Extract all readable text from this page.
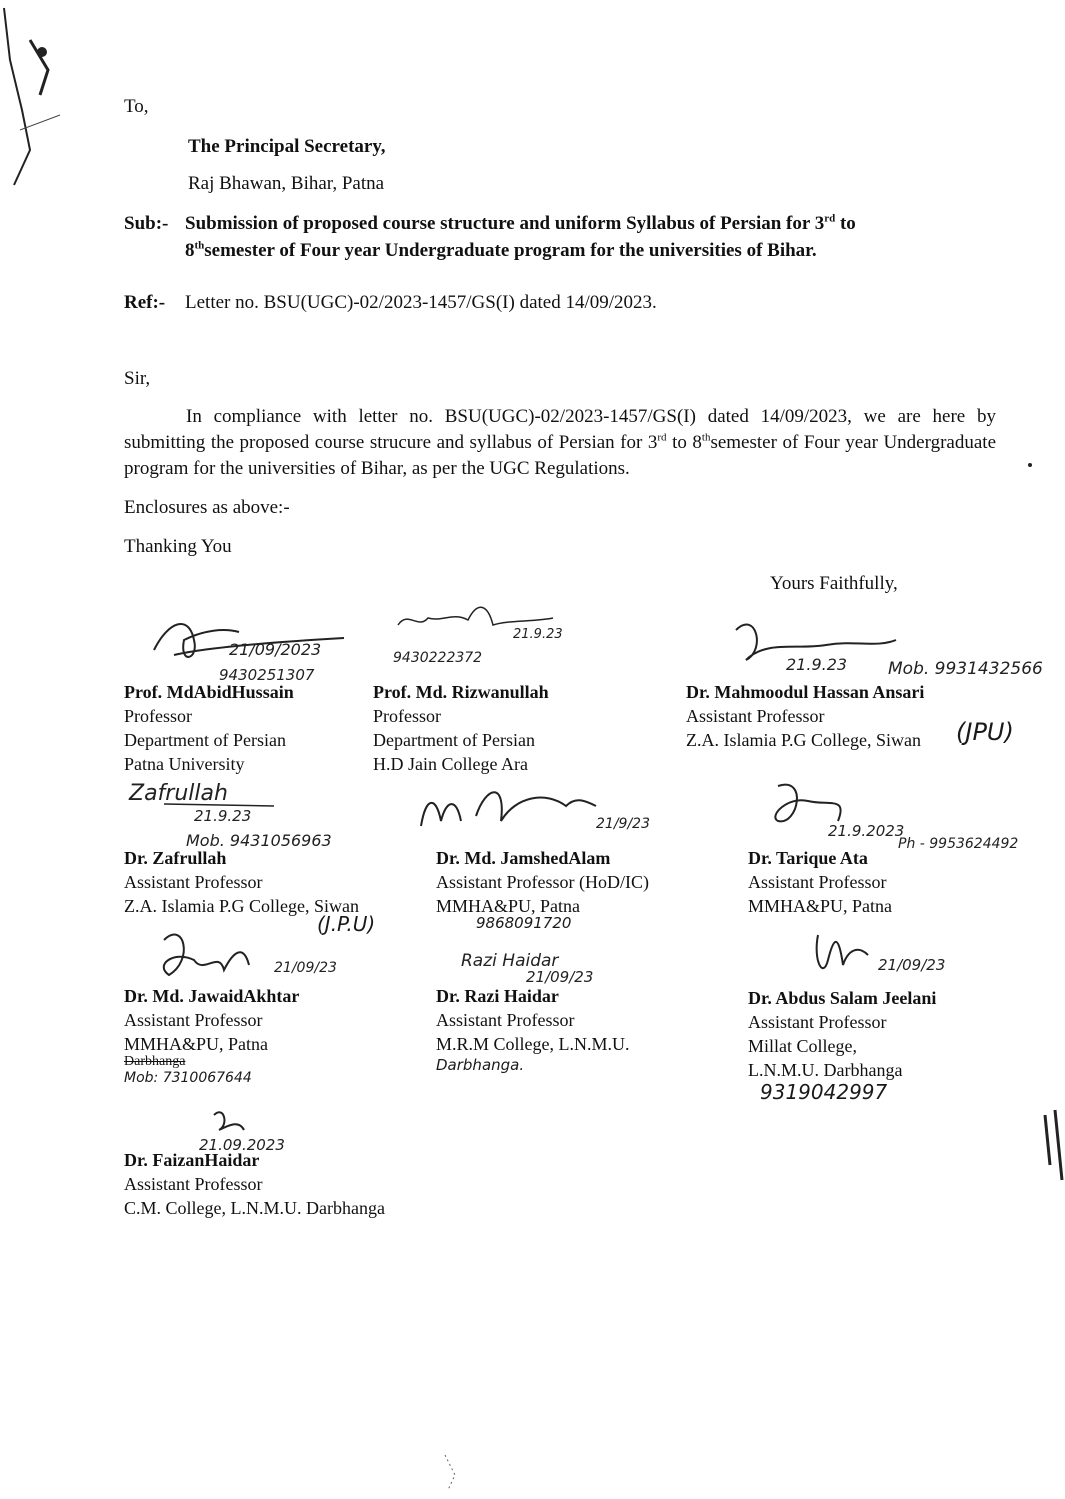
To,
The Principal Secretary,
Raj Bhawan, Bihar, Patna
Sub:- Submission of proposed course structure and uniform Syllabus of Persian for 3rd to
8thsemester of Four year Undergraduate program for the universities of Bihar.
Ref:- Letter no. BSU(UGC)-02/2023-1457/GS(I) dated 14/09/2023.
Sir,
In compliance with letter no. BSU(UGC)-02/2023-1457/GS(I) dated 14/09/2023, we are here by submitting the proposed course strucure and syllabus of Persian for 3rd to 8thsemester of Four year Undergraduate program for the universities of Bihar, as per the UGC Regulations.
Enclosures as above:-
Thanking You
Yours Faithfully,
21/09/2023
9430251307
Prof. MdAbidHussain
Professor
Department of Persian
Patna University
21.9.23
9430222372
Prof. Md. Rizwanullah
Professor
Department of Persian
H.D Jain College Ara
21.9.23 Mob. 9931432566
Dr. Mahmoodul Hassan Ansari
Assistant Professor
Z.A. Islamia P.G College, Siwan (JPU)
Zafrullah
21.9.23
Mob. 9431056963
Dr. Zafrullah
Assistant Professor
Z.A. Islamia P.G College, Siwan
(J.P.U)
21/9/23
Dr. Md. JamshedAlam
Assistant Professor (HoD/IC)
MMHA&PU, Patna
9868091720
21.9.2023
Ph - 9953624492
Dr. Tarique Ata
Assistant Professor
MMHA&PU, Patna
21/09/23
Dr. Md. JawaidAkhtar
Assistant Professor
MMHA&PU, Patna
Darbhanga
Mob: 7310067644
Razi Haidar
21/09/23
Dr. Razi Haidar
Assistant Professor
M.R.M College, L.N.M.U.
Darbhanga.
21/09/23
Dr. Abdus Salam Jeelani
Assistant Professor
Millat College,
L.N.M.U. Darbhanga
9319042997
21.09.2023
Dr. FaizanHaidar
Assistant Professor
C.M. College, L.N.M.U. Darbhanga
